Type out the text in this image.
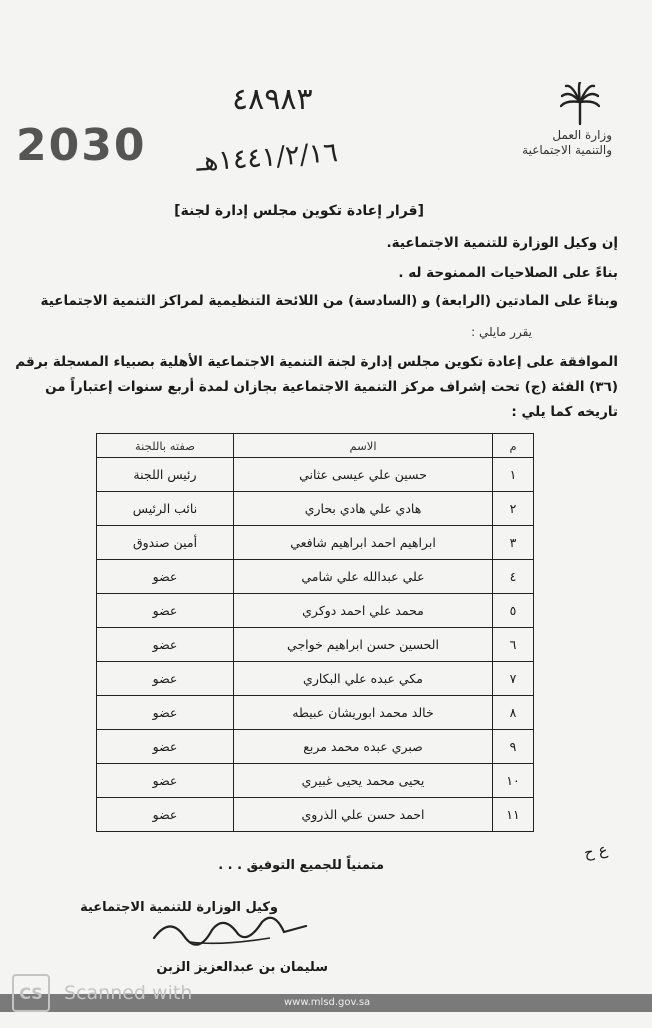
وزارة العمل
والتنمية الاجتماعية
٤٨٩٨٣
١٤٤١/٢/١٦هـ
2030
[قرار إعادة تكوين مجلس إدارة لجنة]
إن وكيل الوزارة للتنمية الاجتماعية.
بناءً على الصلاحيات الممنوحة له .
وبناءً على المادتين (الرابعة) و (السادسة) من اللائحة التنظيمية لمراكز التنمية الاجتماعية
يقرر مايلي :
الموافقة على إعادة تكوين مجلس إدارة لجنة التنمية الاجتماعية الأهلية بصبياء المسجلة برقم (٣٦) الفئة (ج) تحت إشراف مركز التنمية الاجتماعية بجازان لمدة أربع سنوات إعتباراً من تاريخه كما يلي :
م	الاسم	صفته باللجنة
١	حسين علي عيسى عثاني	رئيس اللجنة
٢	هادي علي هادي بحاري	نائب الرئيس
٣	ابراهيم احمد ابراهيم شافعي	أمين صندوق
٤	علي عبدالله علي شامي	عضو
٥	محمد علي احمد دوكري	عضو
٦	الحسين حسن ابراهيم خواجي	عضو
٧	مكي عبده علي البكاري	عضو
٨	خالد محمد ابوريشان عبيطه	عضو
٩	صبري عبده محمد مربع	عضو
١٠	يحيى محمد يحيى غبيري	عضو
١١	احمد حسن علي الذروي	عضو
متمنياً للجميع التوفيق . . .
ع ح
وكيل الوزارة للتنمية الاجتماعية
سليمان بن عبدالعزيز الزبن
www.mlsd.gov.sa
CS	Scanned with
